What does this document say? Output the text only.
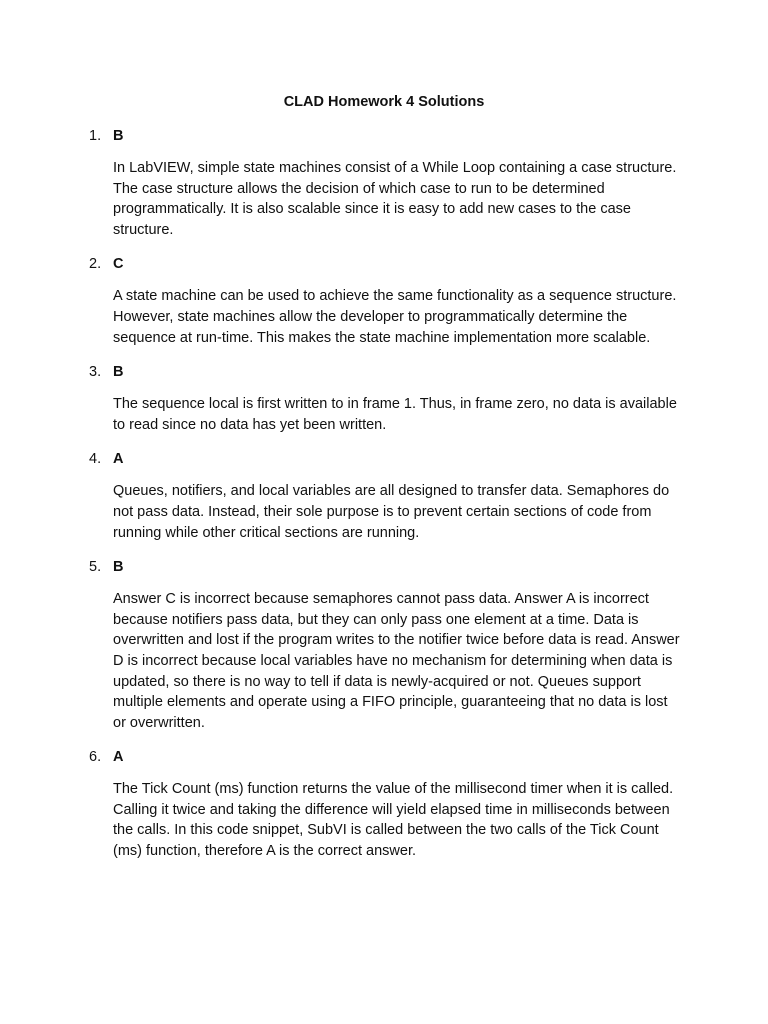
CLAD Homework 4 Solutions
1. B
In LabVIEW, simple state machines consist of a While Loop containing a case structure. The case structure allows the decision of which case to run to be determined programmatically. It is also scalable since it is easy to add new cases to the case structure.
2. C
A state machine can be used to achieve the same functionality as a sequence structure. However, state machines allow the developer to programmatically determine the sequence at run-time. This makes the state machine implementation more scalable.
3. B
The sequence local is first written to in frame 1. Thus, in frame zero, no data is available to read since no data has yet been written.
4. A
Queues, notifiers, and local variables are all designed to transfer data. Semaphores do not pass data. Instead, their sole purpose is to prevent certain sections of code from running while other critical sections are running.
5. B
Answer C is incorrect because semaphores cannot pass data. Answer A is incorrect because notifiers pass data, but they can only pass one element at a time. Data is overwritten and lost if the program writes to the notifier twice before data is read. Answer D is incorrect because local variables have no mechanism for determining when data is updated, so there is no way to tell if data is newly-acquired or not. Queues support multiple elements and operate using a FIFO principle, guaranteeing that no data is lost or overwritten.
6. A
The Tick Count (ms) function returns the value of the millisecond timer when it is called. Calling it twice and taking the difference will yield elapsed time in milliseconds between the calls. In this code snippet, SubVI is called between the two calls of the Tick Count (ms) function, therefore A is the correct answer.
